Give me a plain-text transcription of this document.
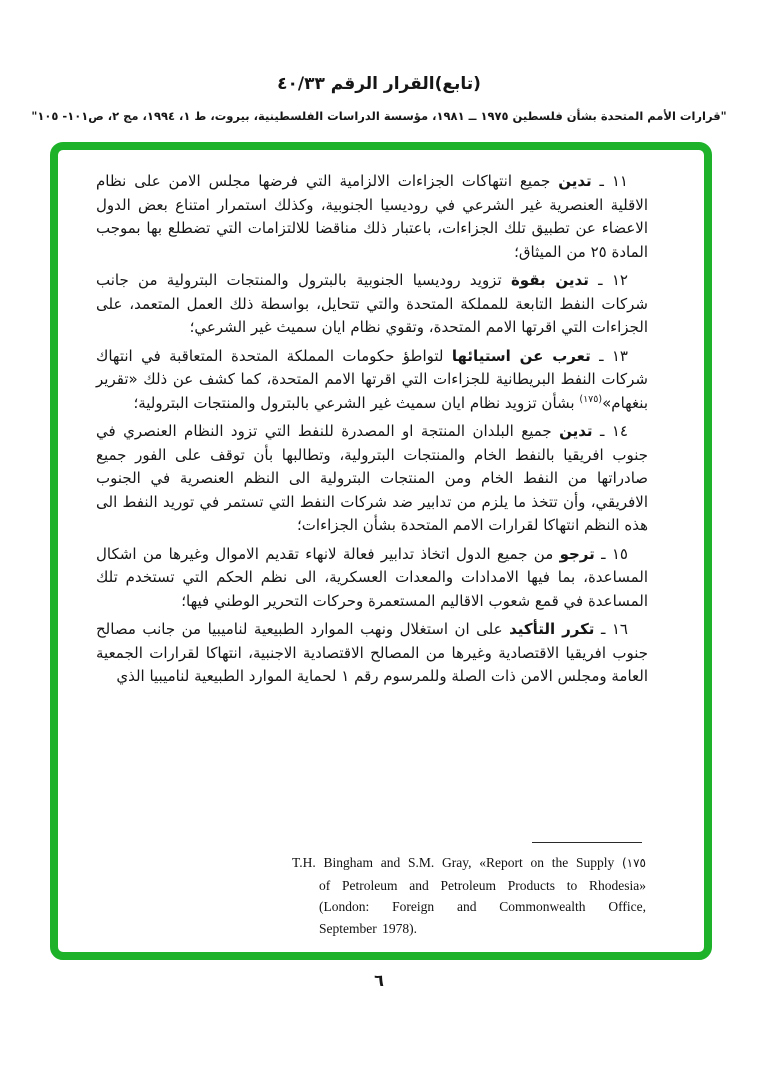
(تابع)القرار الرقم ٤٠/٣٣
"قرارات الأمم المتحدة بشأن فلسطين ١٩٧٥ ــ ١٩٨١، مؤسسة الدراسات الفلسطينية، بيروت، ط ١، ١٩٩٤، مج ٢، ص١٠١- ١٠٥"

١١ ـ تدين جميع انتهاكات الجزاءات الالزامية التي فرضها مجلس الامن على نظام الاقلية العنصرية غير الشرعي في روديسيا الجنوبية، وكذلك استمرار امتناع بعض الدول الاعضاء عن تطبيق تلك الجزاءات، باعتبار ذلك مناقضا للالتزامات التي تضطلع بها بموجب المادة ٢٥ من الميثاق؛

١٢ ـ تدين بقوة تزويد روديسيا الجنوبية بالبترول والمنتجات البترولية من جانب شركات النفط التابعة للمملكة المتحدة والتي تتحايل، بواسطة ذلك العمل المتعمد، على الجزاءات التي اقرتها الامم المتحدة، وتقوي نظام ايان سميث غير الشرعي؛

١٣ ـ تعرب عن استيائها لتواطؤ حكومات المملكة المتحدة المتعاقبة في انتهاك شركات النفط البريطانية للجزاءات التي اقرتها الامم المتحدة، كما كشف عن ذلك «تقرير بنغهام»$^{(١٧٥)}$ بشأن تزويد نظام ايان سميث غير الشرعي بالبترول والمنتجات البترولية؛

١٤ ـ تدين جميع البلدان المنتجة او المصدرة للنفط التي تزود النظام العنصري في جنوب افريقيا بالنفط الخام والمنتجات البترولية، وتطالبها بأن توقف على الفور جميع صادراتها من النفط الخام ومن المنتجات البترولية الى النظم العنصرية في الجنوب الافريقي، وأن تتخذ ما يلزم من تدابير ضد شركات النفط التي تستمر في توريد النفط الى هذه النظم انتهاكا لقرارات الامم المتحدة بشأن الجزاءات؛

١٥ ـ ترجو من جميع الدول اتخاذ تدابير فعالة لانهاء تقديم الاموال وغيرها من اشكال المساعدة، بما فيها الامدادات والمعدات العسكرية، الى نظم الحكم التي تستخدم تلك المساعدة في قمع شعوب الاقاليم المستعمرة وحركات التحرير الوطني فيها؛

١٦ ـ تكرر التأكيد على ان استغلال ونهب الموارد الطبيعية لناميبيا من جانب مصالح جنوب افريقيا الاقتصادية وغيرها من المصالح الاقتصادية الاجنبية، انتهاكا لقرارات الجمعية العامة ومجلس الامن ذات الصلة وللمرسوم رقم ١ لحماية الموارد الطبيعية لناميبيا الذي

T.H. Bingham and S.M. Gray, «Report on the Supply (١٧٥
of Petroleum and Petroleum Products to Rhodesia»
(London: Foreign and Commonwealth Office,
September 1978).
٦
